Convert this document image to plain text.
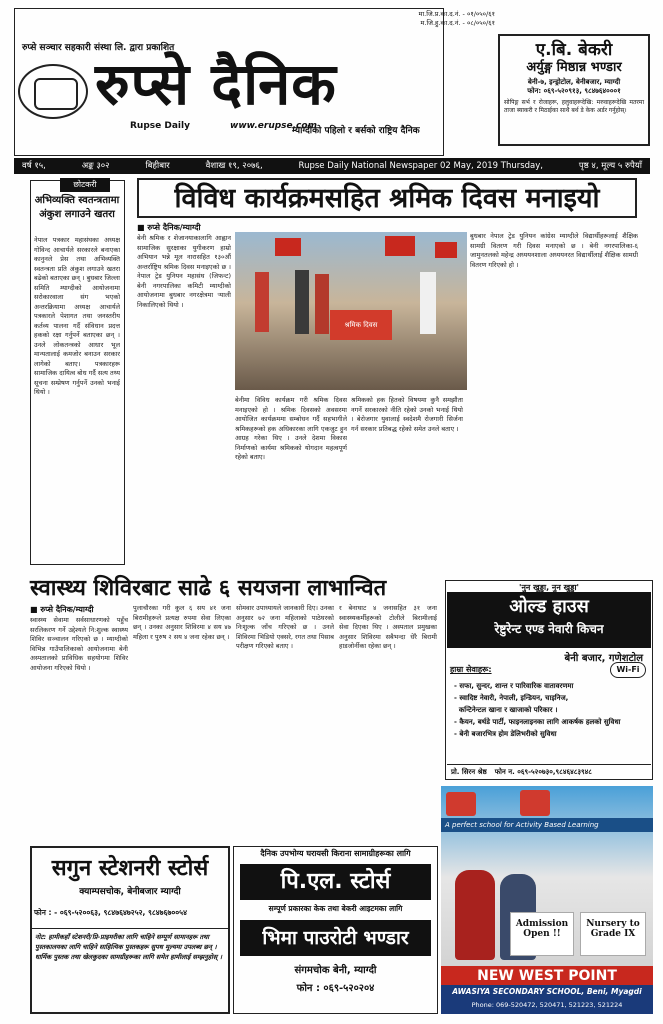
मा.जि.प्र.का.द.नं. - ०१/०५०/६१
म.जि.हु.का.द.नं. - ०८/०५०/६१
रुप्से सञ्चार सहकारी संस्था लि. द्वारा प्रकाशित
रुप्से दैनिक
Rupse Daily	www.erupse.com
म्याग्दीको पहिलो र बर्सको राष्ट्रिय दैनिक
ए.बि. बेकरी
अर्युङ्ग मिष्ठान्न भण्डार
बेनी-७, इन्ड्रोटोल, बेनीबजार, म्याग्दी
फोन: ०६९-५२०९१३, ९८४७६४०००१
सोपिङ्ग सर्भ र रोजाहरू, हलुवाहरूदेखि: मरुवाहरूदेखि मतरमा ताजा ब्याकरी र मिठाईका साथै बर्थ डे केक अर्डर गर्नुहोस्।
वर्ष १५,	अङ्क ३०२	बिहीबार	वैशाख १९, २०७६,	Rupse Daily National Newspaper 02 May, 2019 Thursday,	पृष्ठ ४, मूल्य ५ रुपैयाँ
छोटकरी
अभिव्यक्ति स्वतन्त्रतामा अंकुश लगाउने खतरा
नेपाल पत्रकार महासंघका अध्यक्ष गोविन्द आचार्यले सरकारले बनाएका कानुनले प्रेस तथा अभिव्यक्ति स्वतन्त्रता प्रति अंकुश लगाउने खतरा बढेको बताएका छन् । बुधबार जिल्ला समिति म्याग्दीको आयोजनामा सरोकारवाला संग भएको अन्तरक्रियामा अध्यक्ष आचार्यले पत्रकारले पेशागत तथा जनस्तरीय कर्तव्य पालना गर्दै संविधान प्रदत्त हकको रक्षा गर्नुपर्ने बताएका छन् । उनले लोकतन्त्रको आधार भूल मान्यतालाई कमजोर बनाउन सरकार लागेको बताए। पत्रकारहरू सामाजिक दायित्व बोध गर्दै सत्य तथ्य सूचना सम्प्रेषण गर्नुपर्ने उनको भनाई थियो ।
विविध कार्यक्रमसहित श्रमिक दिवस मनाइयो
■ रुप्से दैनिक/म्याग्दी
बेनी श्रमिक र शेजानयाकालागि आह्वान सामाजिक सुरक्षाका युगीकरण हाम्रो अभियान भन्ने मूल नारासहित १३०औं अन्तर्राष्ट्रिय श्रमिक दिवस मनाइएको छ । नेपाल ट्रेड युनियन महासंघ (जिफन्ट) बेनी नगरपालिका कमिटी म्याग्दीको आयोजनामा बुधबार नगरक्षेत्रमा र्‍याली निकालिएको थियो ।
श्रमिक दिवस
बेनीमा विविध कार्यक्रम गरी श्रमिक दिवस मनाइएको हो । श्रमिक दिवसको अवसरमा आयोजित कार्यक्रममा सम्बोधन गर्दै सहभागीले श्रमिकहरूको हक अधिकारका लागि एकजुट हुन आग्रह गरेका थिए । उनले देशमा विकास निर्माणको कार्यमा श्रमिकको योगदान महत्वपूर्ण रहेको बताए।
श्रमिकको हक हितको विषयमा कुनै समझौता नगर्ने सरकारको नीति रहेको उनको भनाई थियो । बेरोजगार युवालाई स्वदेशमै रोजगारी सिर्जना गर्न सरकार प्रतिबद्ध रहेको समेत उनले बताए ।
बुधबार नेपाल ट्रेड युनियन कांग्रेस म्याग्दीले विद्यार्थीहरूलाई शैक्षिक सामग्री वितरण गरी दिवस मनाएको छ । बेनी नगरपालिका-६ जामुनतलको महेन्द्र अध्ययनशाला अध्ययनरत विद्यार्थीलाई शैक्षिक सामग्री वितरण गरिएको हो ।
स्वास्थ्य शिविरबाट साढे ६ सयजना लाभान्वित
■ रुप्से दैनिक/म्याग्दी
स्वास्थ्य सेवामा सर्वसाधारणको पहुँच सरलिकरण गर्ने उद्देश्यले नि:शुल्क स्वास्थ्य शिविर सञ्चालन गरिएको छ । म्याग्दीको विभिन्न गाउँपालिकाको आयोजनामा बेनी अस्पतालको प्राविधिक सहयोगमा शिविर आयोजना गरिएको थियो ।
पुलाचौरका गरी कुल ६ सय ४१ जना बिरामीहरूले प्रत्यक्ष रुपमा सेवा लिएका छन् । उनका अनुसार शिविरमा ४ सय ४७ महिला र पुरुष २ सय ४ जना रहेका छन् ।
सोमवार उपाध्यायले जानकारी दिए। उनका अनुसार ७२ जना महिलाको पाठेघरको निःशुल्क जाँच गरिएको छ । उनले शिविरमा भिडियो एक्सरे, रगत तथा पिसाब परीक्षण गरिएको बताए ।
र बेनाघाट ४ जनासहित ३१ जना स्वास्थ्यकर्मीहरूको टोलीले बिरामीलाई सेवा दिएका थिए । अस्पताल प्रमुखका अनुसार शिविरमा सबैभन्दा धेरै बिरामी हाडजोर्नीका रहेका छन् ।
'नुन खुड्डा, नुन खुड्डा'
ओल्ड हाउस
रेष्टुरेन्ट एण्ड नेवारी किचन
बेनी बजार, गणेशटोल
हाम्रा सेवाहरू:	Wi-Fi
- सफा, सुन्दर, शान्त र पारिवारिक वातावरणमा
- स्वादिष्ट नेवारी, नेपाली, इन्डियन, चाइनिज,
कन्टिनेन्टल खाना र खाजाको परिकार ।
- कैयन, बर्थडे पार्टी, फाइनलाइनका लागि आकर्षक हलको सुविधा
- बेनी बजारभित्र होम डेलिभरीको सुविधा
प्रो. सिरन श्रेष्ठ फोन न. ०६९-५२०७३०,९८४६४८३९४८
सगुन स्टेशनरी स्टोर्स
क्याम्पसचोक, बेनीबजार म्याग्दी
फोन : - ०६९-५२००६३, ९८४७६४७२५२, ९८४७६७००५४
नोट: हामीकहाँ स्टेशनरी/प्रि-प्राइमरीका लागि चाहिने सम्पूर्ण सामानहरू तथा पुस्तकालयका लागि चाहिने साहित्यिक पुस्तकहरू सुपथ मूल्यमा उपलब्ध छन् । धार्मिक पुस्तक तथा खेलकुदका सामग्रीहरूका लागि समेत हामीलाई सम्झनुहोस् ।
दैनिक उपभोग्य घरायसी किराना सामाग्रीहरूका लागि
पि.एल. स्टोर्स
सम्पूर्ण प्रकारका केक तथा बेकरी आइटमका लागि
भिमा पाउरोटी भण्डार
संगमचोक बेनी, म्याग्दी
फोन : ०६९-५२०२०४
A perfect school for Activity Based Learning
Admission Open !!
Nursery to Grade IX
NEW WEST POINT
AWASIYA SECONDARY SCHOOL, Beni, Myagdi
Phone: 069-520472, 520471, 521223, 521224
